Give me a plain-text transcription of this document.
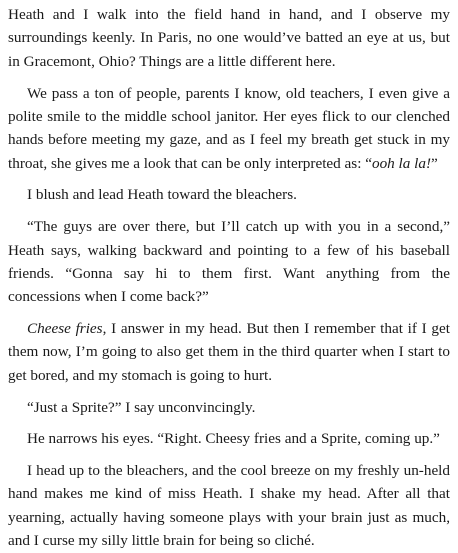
Heath and I walk into the field hand in hand, and I observe my surroundings keenly. In Paris, no one would’ve batted an eye at us, but in Gracemont, Ohio? Things are a little different here.

We pass a ton of people, parents I know, old teachers, I even give a polite smile to the middle school janitor. Her eyes flick to our clenched hands before meeting my gaze, and as I feel my breath get stuck in my throat, she gives me a look that can be only interpreted as: “ooh la la!”

I blush and lead Heath toward the bleachers.

“The guys are over there, but I’ll catch up with you in a second,” Heath says, walking backward and pointing to a few of his baseball friends. “Gonna say hi to them first. Want anything from the concessions when I come back?”

Cheese fries, I answer in my head. But then I remember that if I get them now, I’m going to also get them in the third quarter when I start to get bored, and my stomach is going to hurt.

“Just a Sprite?” I say unconvincingly.

He narrows his eyes. “Right. Cheesy fries and a Sprite, coming up.”

I head up to the bleachers, and the cool breeze on my freshly un-held hand makes me kind of miss Heath. I shake my head. After all that yearning, actually having someone plays with your brain just as much, and I curse my silly little brain for being so cliché.
